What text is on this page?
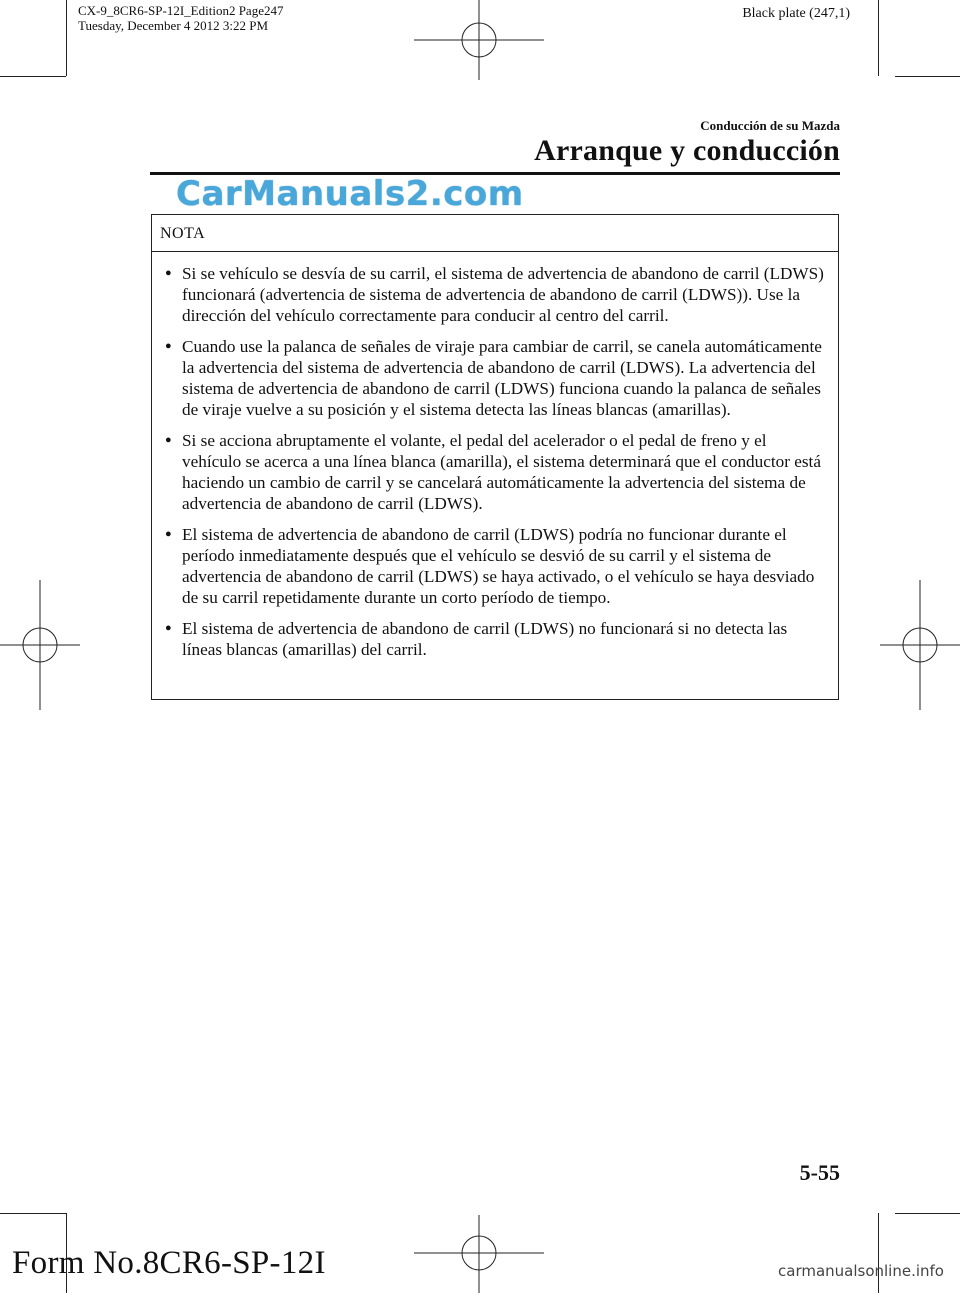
CX-9_8CR6-SP-12I_Edition2 Page247
Tuesday, December 4 2012 3:22 PM
Black plate (247,1)
Conducción de su Mazda
Arranque y conducción
CarManuals2.com
NOTA
● Si se vehículo se desvía de su carril, el sistema de advertencia de abandono de carril (LDWS) funcionará (advertencia de sistema de advertencia de abandono de carril (LDWS)). Use la dirección del vehículo correctamente para conducir al centro del carril.
● Cuando use la palanca de señales de viraje para cambiar de carril, se canela automáticamente la advertencia del sistema de advertencia de abandono de carril (LDWS). La advertencia del sistema de advertencia de abandono de carril (LDWS) funciona cuando la palanca de señales de viraje vuelve a su posición y el sistema detecta las líneas blancas (amarillas).
● Si se acciona abruptamente el volante, el pedal del acelerador o el pedal de freno y el vehículo se acerca a una línea blanca (amarilla), el sistema determinará que el conductor está haciendo un cambio de carril y se cancelará automáticamente la advertencia del sistema de advertencia de abandono de carril (LDWS).
● El sistema de advertencia de abandono de carril (LDWS) podría no funcionar durante el período inmediatamente después que el vehículo se desvió de su carril y el sistema de advertencia de abandono de carril (LDWS) se haya activado, o el vehículo se haya desviado de su carril repetidamente durante un corto período de tiempo.
● El sistema de advertencia de abandono de carril (LDWS) no funcionará si no detecta las líneas blancas (amarillas) del carril.
5-55
Form No.8CR6-SP-12I	carmanualsonline.info
